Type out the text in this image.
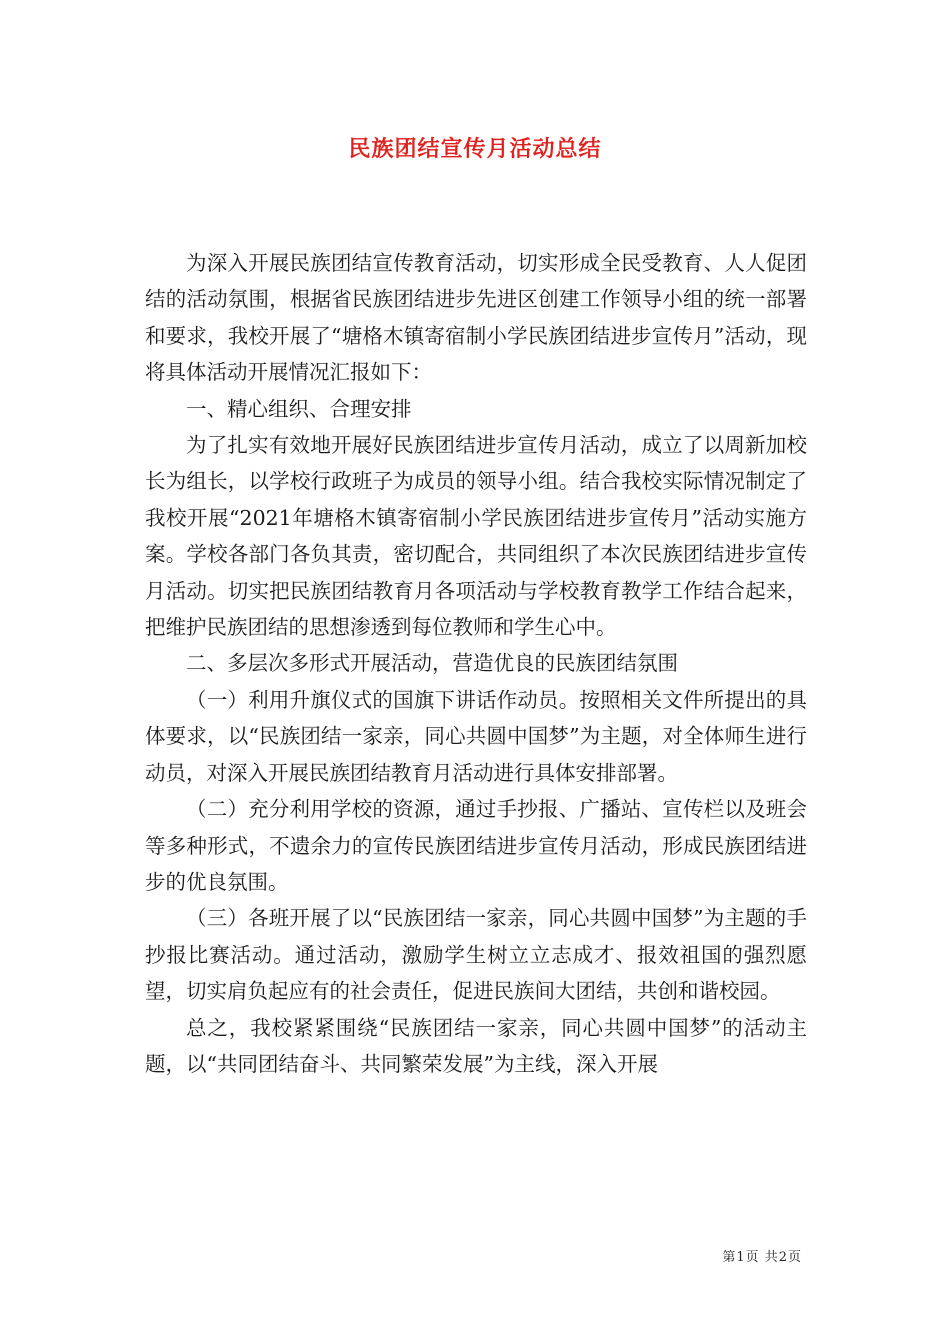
民族团结宣传月活动总结

为深入开展民族团结宣传教育活动，切实形成全民受教育、人人促团结的活动氛围，根据省民族团结进步先进区创建工作领导小组的统一部署和要求，我校开展了“塘格木镇寄宿制小学民族团结进步宣传月”活动，现将具体活动开展情况汇报如下：

一、精心组织、合理安排

为了扎实有效地开展好民族团结进步宣传月活动，成立了以周新加校长为组长，以学校行政班子为成员的领导小组。结合我校实际情况制定了我校开展“2021年塘格木镇寄宿制小学民族团结进步宣传月”活动实施方案。学校各部门各负其责，密切配合，共同组织了本次民族团结进步宣传月活动。切实把民族团结教育月各项活动与学校教育教学工作结合起来，把维护民族团结的思想渗透到每位教师和学生心中。

二、多层次多形式开展活动，营造优良的民族团结氛围

（一）利用升旗仪式的国旗下讲话作动员。按照相关文件所提出的具体要求，以“民族团结一家亲，同心共圆中国梦”为主题，对全体师生进行动员，对深入开展民族团结教育月活动进行具体安排部署。

（二）充分利用学校的资源，通过手抄报、广播站、宣传栏以及班会等多种形式，不遗余力的宣传民族团结进步宣传月活动，形成民族团结进步的优良氛围。

（三）各班开展了以“民族团结一家亲，同心共圆中国梦”为主题的手抄报比赛活动。通过活动，激励学生树立立志成才、报效祖国的强烈愿望，切实肩负起应有的社会责任，促进民族间大团结，共创和谐校园。

总之，我校紧紧围绕“民族团结一家亲，同心共圆中国梦”的活动主题，以“共同团结奋斗、共同繁荣发展”为主线，深入开展

第1页 共2页
